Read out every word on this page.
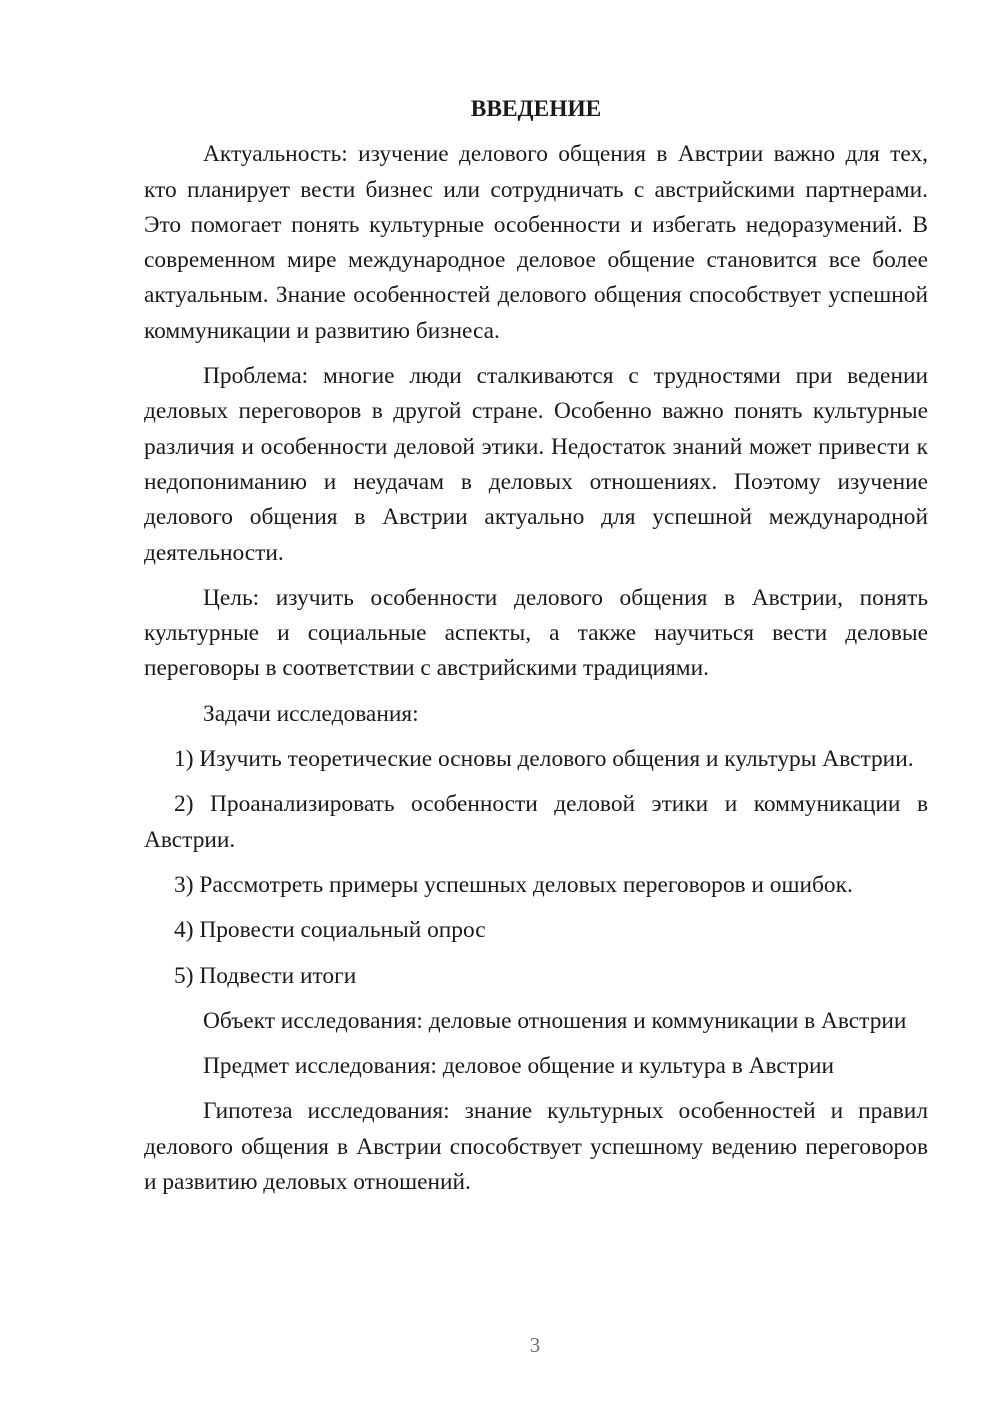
ВВЕДЕНИЕ

Актуальность: изучение делового общения в Австрии важно для тех, кто планирует вести бизнес или сотрудничать с австрийскими партнерами. Это помогает понять культурные особенности и избегать недоразумений. В современном мире международное деловое общение становится все более актуальным. Знание особенностей делового общения способствует успешной коммуникации и развитию бизнеса.

Проблема: многие люди сталкиваются с трудностями при ведении деловых переговоров в другой стране. Особенно важно понять культурные различия и особенности деловой этики. Недостаток знаний может привести к недопониманию и неудачам в деловых отношениях. Поэтому изучение делового общения в Австрии актуально для успешной международной деятельности.

Цель: изучить особенности делового общения в Австрии, понять культурные и социальные аспекты, а также научиться вести деловые переговоры в соответствии с австрийскими традициями.

Задачи исследования:

1) Изучить теоретические основы делового общения и культуры Австрии.

2) Проанализировать особенности деловой этики и коммуникации в Австрии.

3) Рассмотреть примеры успешных деловых переговоров и ошибок.

4) Провести социальный опрос

5) Подвести итоги

Объект исследования: деловые отношения и коммуникации в Австрии

Предмет исследования: деловое общение и культура в Австрии

Гипотеза исследования: знание культурных особенностей и правил делового общения в Австрии способствует успешному ведению переговоров и развитию деловых отношений.

3
